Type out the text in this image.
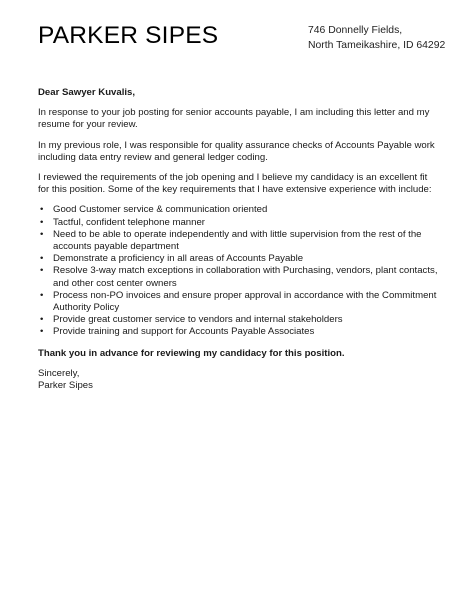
PARKER SIPES	746 Donnelly Fields,
North Tameikashire, ID 64292

Dear Sawyer Kuvalis,

In response to your job posting for senior accounts payable, I am including this letter and my resume for your review.

In my previous role, I was responsible for quality assurance checks of Accounts Payable work including data entry review and general ledger coding.

I reviewed the requirements of the job opening and I believe my candidacy is an excellent fit for this position. Some of the key requirements that I have extensive experience with include:

• Good Customer service & communication oriented
• Tactful, confident telephone manner
• Need to be able to operate independently and with little supervision from the rest of the accounts payable department
• Demonstrate a proficiency in all areas of Accounts Payable
• Resolve 3-way match exceptions in collaboration with Purchasing, vendors, plant contacts, and other cost center owners
• Process non-PO invoices and ensure proper approval in accordance with the Commitment Authority Policy
• Provide great customer service to vendors and internal stakeholders
• Provide training and support for Accounts Payable Associates

Thank you in advance for reviewing my candidacy for this position.

Sincerely,

Parker Sipes
